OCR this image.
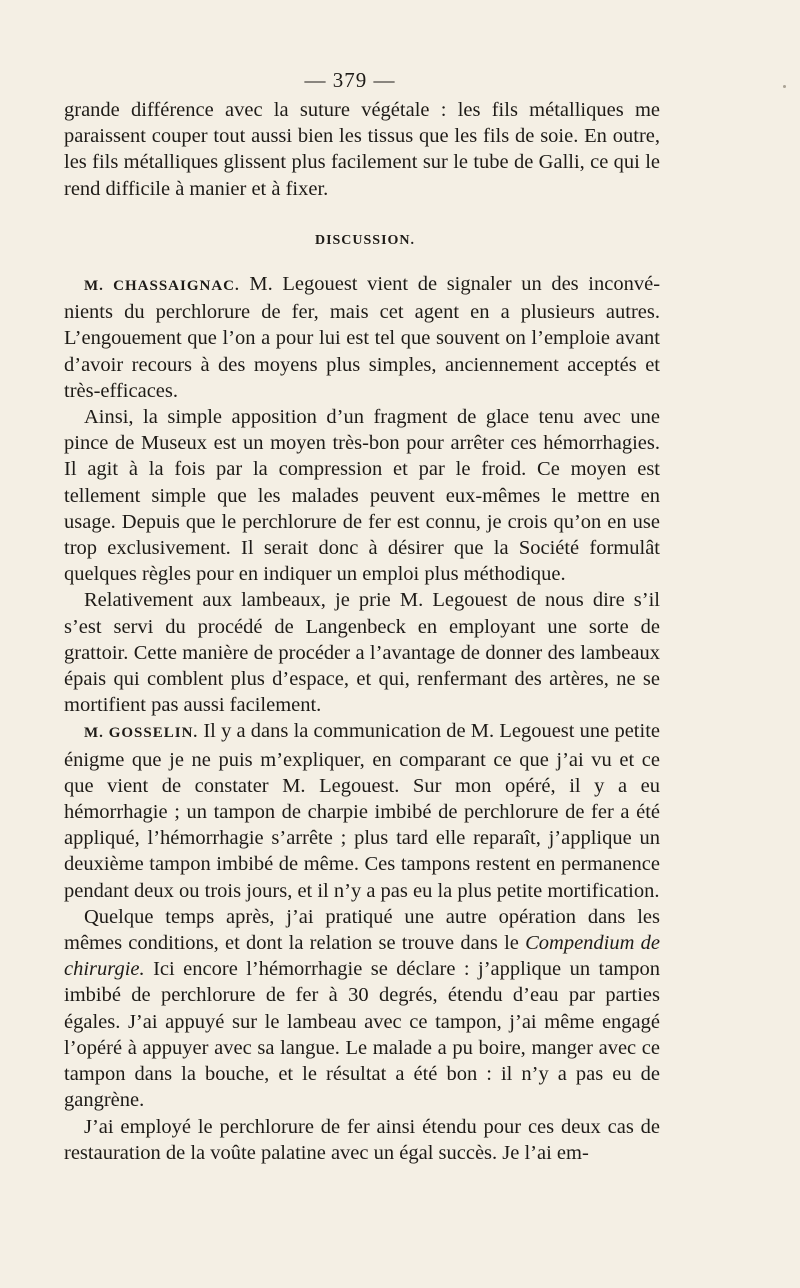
— 379 —

grande différence avec la suture végétale : les fils métalliques me paraissent couper tout aussi bien les tissus que les fils de soie. En outre, les fils métalliques glissent plus facilement sur le tube de Galli, ce qui le rend difficile à manier et à fixer.

DISCUSSION.

M. CHASSAIGNAC. M. Legouest vient de signaler un des inconvénients du perchlorure de fer, mais cet agent en a plusieurs autres. L’engouement que l’on a pour lui est tel que souvent on l’emploie avant d’avoir recours à des moyens plus simples, anciennement acceptés et très-efficaces.

Ainsi, la simple apposition d’un fragment de glace tenu avec une pince de Museux est un moyen très-bon pour arrêter ces hémorrhagies. Il agit à la fois par la compression et par le froid. Ce moyen est tellement simple que les malades peuvent eux-mêmes le mettre en usage. Depuis que le perchlorure de fer est connu, je crois qu’on en use trop exclusivement. Il serait donc à désirer que la Société formulât quelques règles pour en indiquer un emploi plus méthodique.

Relativement aux lambeaux, je prie M. Legouest de nous dire s’il s’est servi du procédé de Langenbeck en employant une sorte de grattoir. Cette manière de procéder a l’avantage de donner des lambeaux épais qui comblent plus d’espace, et qui, renfermant des artères, ne se mortifient pas aussi facilement.

M. GOSSELIN. Il y a dans la communication de M. Legouest une petite énigme que je ne puis m’expliquer, en comparant ce que j’ai vu et ce que vient de constater M. Legouest. Sur mon opéré, il y a eu hémorrhagie ; un tampon de charpie imbibé de perchlorure de fer a été appliqué, l’hémorrhagie s’arrête ; plus tard elle reparaît, j’applique un deuxième tampon imbibé de même. Ces tampons restent en permanence pendant deux ou trois jours, et il n’y a pas eu la plus petite mortification.

Quelque temps après, j’ai pratiqué une autre opération dans les mêmes conditions, et dont la relation se trouve dans le Compendium de chirurgie. Ici encore l’hémorrhagie se déclare : j’applique un tampon imbibé de perchlorure de fer à 30 degrés, étendu d’eau par parties égales. J’ai appuyé sur le lambeau avec ce tampon, j’ai même engagé l’opéré à appuyer avec sa langue. Le malade a pu boire, manger avec ce tampon dans la bouche, et le résultat a été bon : il n’y a pas eu de gangrène.

J’ai employé le perchlorure de fer ainsi étendu pour ces deux cas de restauration de la voûte palatine avec un égal succès. Je l’ai em-
